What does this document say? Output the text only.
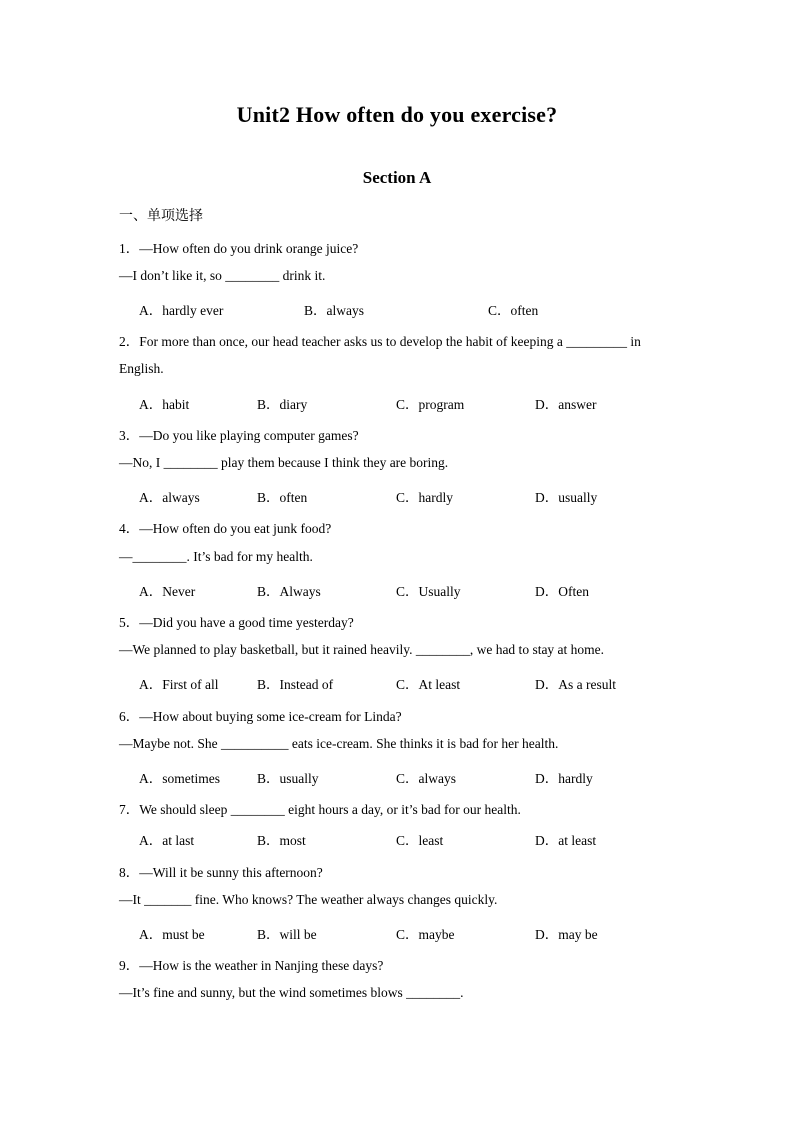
Unit2 How often do you exercise?
Section A
一、单项选择
1．—How often do you drink orange juice?
—I don’t like it, so ________ drink it.
A．hardly ever	B．always	C．often
2．For more than once, our head teacher asks us to develop the habit of keeping a _________ in
English.
A．habit	B．diary	C．program	D．answer
3．—Do you like playing computer games?
—No, I ________ play them because I think they are boring.
A．always	B．often	C．hardly	D．usually
4．—How often do you eat junk food?
—________. It’s bad for my health.
A．Never	B．Always	C．Usually	D．Often
5．—Did you have a good time yesterday?
—We planned to play basketball, but it rained heavily. ________, we had to stay at home.
A．First of all	B．Instead of	C．At least	D．As a result
6．—How about buying some ice-cream for Linda?
—Maybe not. She __________ eats ice-cream. She thinks it is bad for her health.
A．sometimes	B．usually	C．always	D．hardly
7．We should sleep ________ eight hours a day, or it’s bad for our health.
A．at last	B．most	C．least	D．at least
8．—Will it be sunny this afternoon?
—It _______ fine. Who knows? The weather always changes quickly.
A．must be	B．will be	C．maybe	D．may be
9．—How is the weather in Nanjing these days?
—It’s fine and sunny, but the wind sometimes blows ________.
